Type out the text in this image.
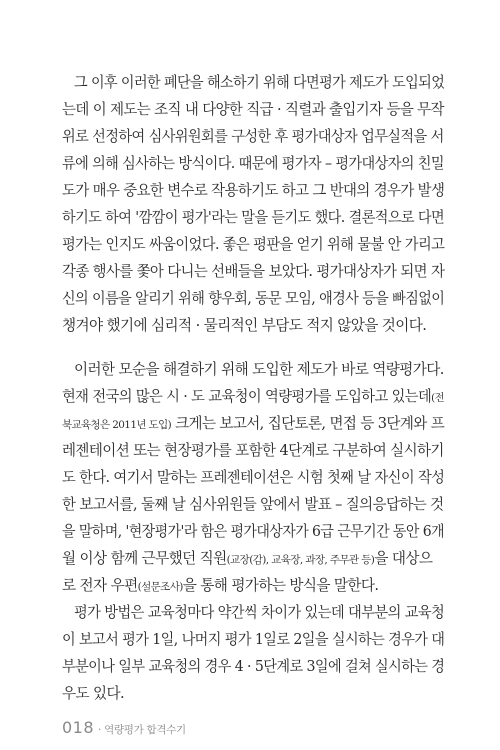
그 이후 이러한 폐단을 해소하기 위해 다면평가 제도가 도입되었
는데 이 제도는 조직 내 다양한 직급 · 직렬과 출입기자 등을 무작
위로 선정하여 심사위원회를 구성한 후 평가대상자 업무실적을 서
류에 의해 심사하는 방식이다. 때문에 평가자 – 평가대상자의 친밀
도가 매우 중요한 변수로 작용하기도 하고 그 반대의 경우가 발생
하기도 하여 '깜깜이 평가'라는 말을 듣기도 했다. 결론적으로 다면
평가는 인지도 싸움이었다. 좋은 평판을 얻기 위해 물불 안 가리고
각종 행사를 쫓아 다니는 선배들을 보았다. 평가대상자가 되면 자
신의 이름을 알리기 위해 향우회, 동문 모임, 애경사 등을 빠짐없이
챙겨야 했기에 심리적 · 물리적인 부담도 적지 않았을 것이다.
이러한 모순을 해결하기 위해 도입한 제도가 바로 역량평가다.
현재 전국의 많은 시 · 도 교육청이 역량평가를 도입하고 있는데(전
북교육청은 2011년 도입) 크게는 보고서, 집단토론, 면접 등 3단계와 프
레젠테이션 또는 현장평가를 포함한 4단계로 구분하여 실시하기
도 한다. 여기서 말하는 프레젠테이션은 시험 첫째 날 자신이 작성
한 보고서를, 둘째 날 심사위원들 앞에서 발표 – 질의응답하는 것
을 말하며, '현장평가'라 함은 평가대상자가 6급 근무기간 동안 6개
월 이상 함께 근무했던 직원(교장(감), 교육장, 과장, 주무관 등)을 대상으
로 전자 우편(설문조사)을 통해 평가하는 방식을 말한다.
평가 방법은 교육청마다 약간씩 차이가 있는데 대부분의 교육청
이 보고서 평가 1일, 나머지 평가 1일로 2일을 실시하는 경우가 대
부분이나 일부 교육청의 경우 4 · 5단계로 3일에 걸쳐 실시하는 경
우도 있다.
018 · 역량평가 합격수기
